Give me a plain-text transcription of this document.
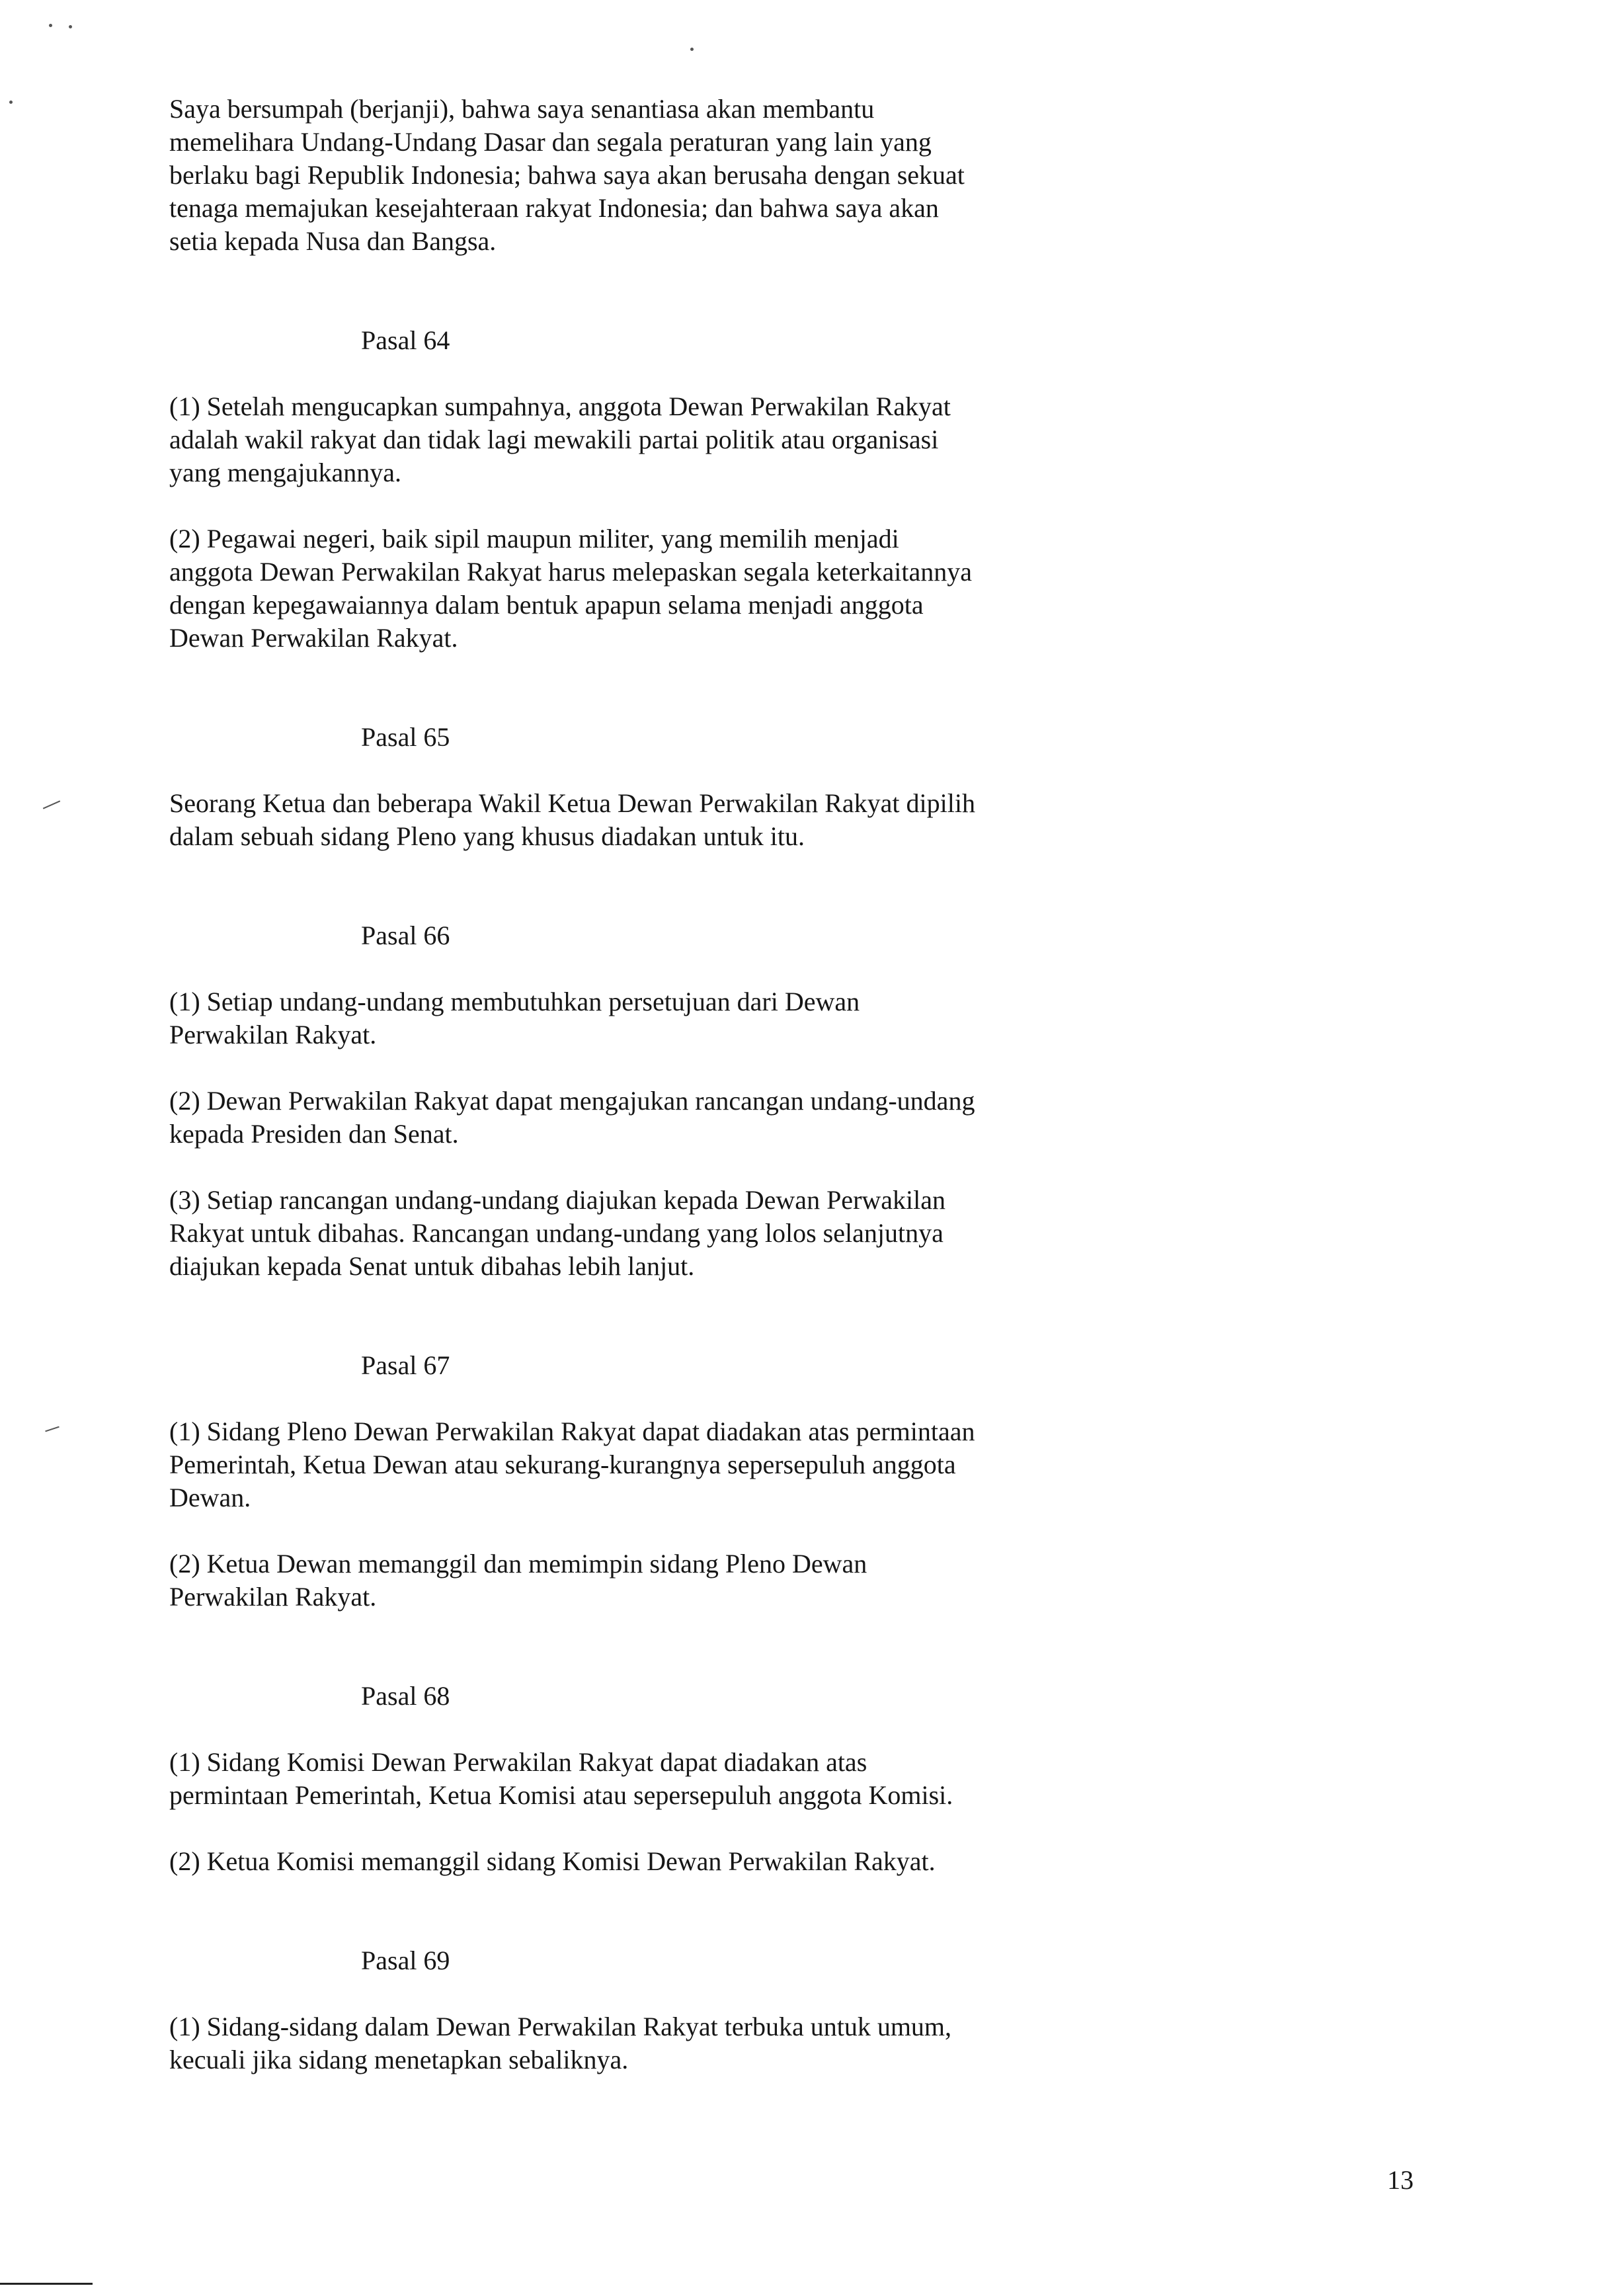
Saya bersumpah (berjanji), bahwa saya senantiasa akan membantu memelihara Undang-Undang Dasar dan segala peraturan yang lain yang berlaku bagi Republik Indonesia; bahwa saya akan berusaha dengan sekuat tenaga memajukan kesejahteraan rakyat Indonesia; dan bahwa saya akan setia kepada Nusa dan Bangsa.

Pasal 64

(1) Setelah mengucapkan sumpahnya, anggota Dewan Perwakilan Rakyat adalah wakil rakyat dan tidak lagi mewakili partai politik atau organisasi yang mengajukannya.

(2) Pegawai negeri, baik sipil maupun militer, yang memilih menjadi anggota Dewan Perwakilan Rakyat harus melepaskan segala keterkaitannya dengan kepegawaiannya dalam bentuk apapun selama menjadi anggota Dewan Perwakilan Rakyat.

Pasal 65

Seorang Ketua dan beberapa Wakil Ketua Dewan Perwakilan Rakyat dipilih dalam sebuah sidang Pleno yang khusus diadakan untuk itu.

Pasal 66

(1) Setiap undang-undang membutuhkan persetujuan dari Dewan Perwakilan Rakyat.

(2) Dewan Perwakilan Rakyat dapat mengajukan rancangan undang-undang kepada Presiden dan Senat.

(3) Setiap rancangan undang-undang diajukan kepada Dewan Perwakilan Rakyat untuk dibahas. Rancangan undang-undang yang lolos selanjutnya diajukan kepada Senat untuk dibahas lebih lanjut.

Pasal 67

(1) Sidang Pleno Dewan Perwakilan Rakyat dapat diadakan atas permintaan Pemerintah, Ketua Dewan atau sekurang-kurangnya sepersepuluh anggota Dewan.

(2) Ketua Dewan memanggil dan memimpin sidang Pleno Dewan Perwakilan Rakyat.

Pasal 68

(1) Sidang Komisi Dewan Perwakilan Rakyat dapat diadakan atas permintaan Pemerintah, Ketua Komisi atau sepersepuluh anggota Komisi.

(2) Ketua Komisi memanggil sidang Komisi Dewan Perwakilan Rakyat.

Pasal 69

(1) Sidang-sidang dalam Dewan Perwakilan Rakyat terbuka untuk umum, kecuali jika sidang menetapkan sebaliknya.

13
